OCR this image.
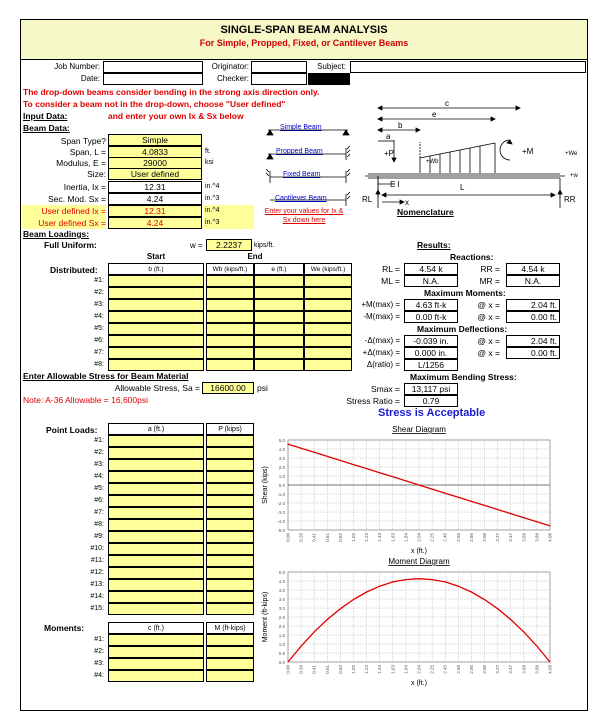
SINGLE-SPAN BEAM ANALYSIS
For Simple, Propped, Fixed, or Cantilever Beams
Job Number:	Originator:	Subject:
Date:	Checker:
The drop-down beams consider bending in the strong axis direction only.
To consider a beam not in the drop-down, choose "User defined"
Input Data:	and enter your own Ix & Sx below
Beam Data:
Span Type?	Simple
Span, L =	4.0833	ft.
Modulus, E =	29000	ksi
Size:	User defined
Inertia, Ix =	12.31	in.^4
Sec. Mod. Sx =	4.24	in.^3
User defined Ix =	12.31	in.^4
User defined Sx =	4.24	in.^3
Simple Beam
Propped Beam
Fixed Beam
Cantilever Beam
Enter your values for Ix &
Sx down here
c
e
b
a
+P
+Wb
+M	+We
+w
E I	L
x
RL	RR
Nomenclature
Beam Loadings:
Full Uniform:	w =	2.2237	kips/ft.
Start	End
Distributed:
Results:
Reactions:
RL =	4.54 k	RR =	4.54 k
ML =	N.A.	MR =	N.A.
Maximum Moments:
+M(max) =	4.63 ft-k	@ x =	2.04 ft.
-M(max) =	0.00 ft-k	@ x =	0.00 ft.
Maximum Deflections:
-Δ(max) =	-0.039 in.	@ x =	2.04 ft.
+Δ(max) =	0.000 in.	@ x =	0.00 ft.
Δ(ratio) =	L/1256
Maximum Bending Stress:
Smax =	13,117 psi
Stress Ratio =	0.79
Stress is Acceptable
Enter Allowable Stress for Beam Material
Allowable Stress, Sa =	16600.00	psi
Note: A-36 Allowable = 16,600psi
Point Loads:
Moments:
Shear Diagram
5.0
4.0
3.0
2.0
1.0
0.0
-1.0
-2.0
-3.0
-4.0
-5.0
0.00 0.20 0.41 0.61 0.82 1.02 1.23 1.43 1.63 1.84 2.04 2.25 2.45 2.65 2.86 3.06 3.27 3.47 3.68 3.88 4.08
x (ft.)
Shear (kips)
Moment Diagram
5.0
4.5
4.0
3.5
3.0
2.5
2.0
1.5
1.0
0.5
0.0
0.00 0.20 0.41 0.61 0.82 1.02 1.23 1.43 1.63 1.84 2.04 2.25 2.45 2.65 2.86 3.06 3.27 3.47 3.68 3.88 4.08
x (ft.)
Moment (ft-kips)
b (ft.)	Wb (kips/ft.)	e (ft.)	We (kips/ft.)
#1:
#2:
#3:
#4:
#5:
#6:
#7:
#8:
a (ft.)	P (kips)
#1:
#2:
#3:
#4:
#5:
#6:
#7:
#8:
#9:
#10:
#11:
#12:
#13:
#14:
#15:
c (ft.)	M (ft-kips)
#1:
#2:
#3:
#4:
